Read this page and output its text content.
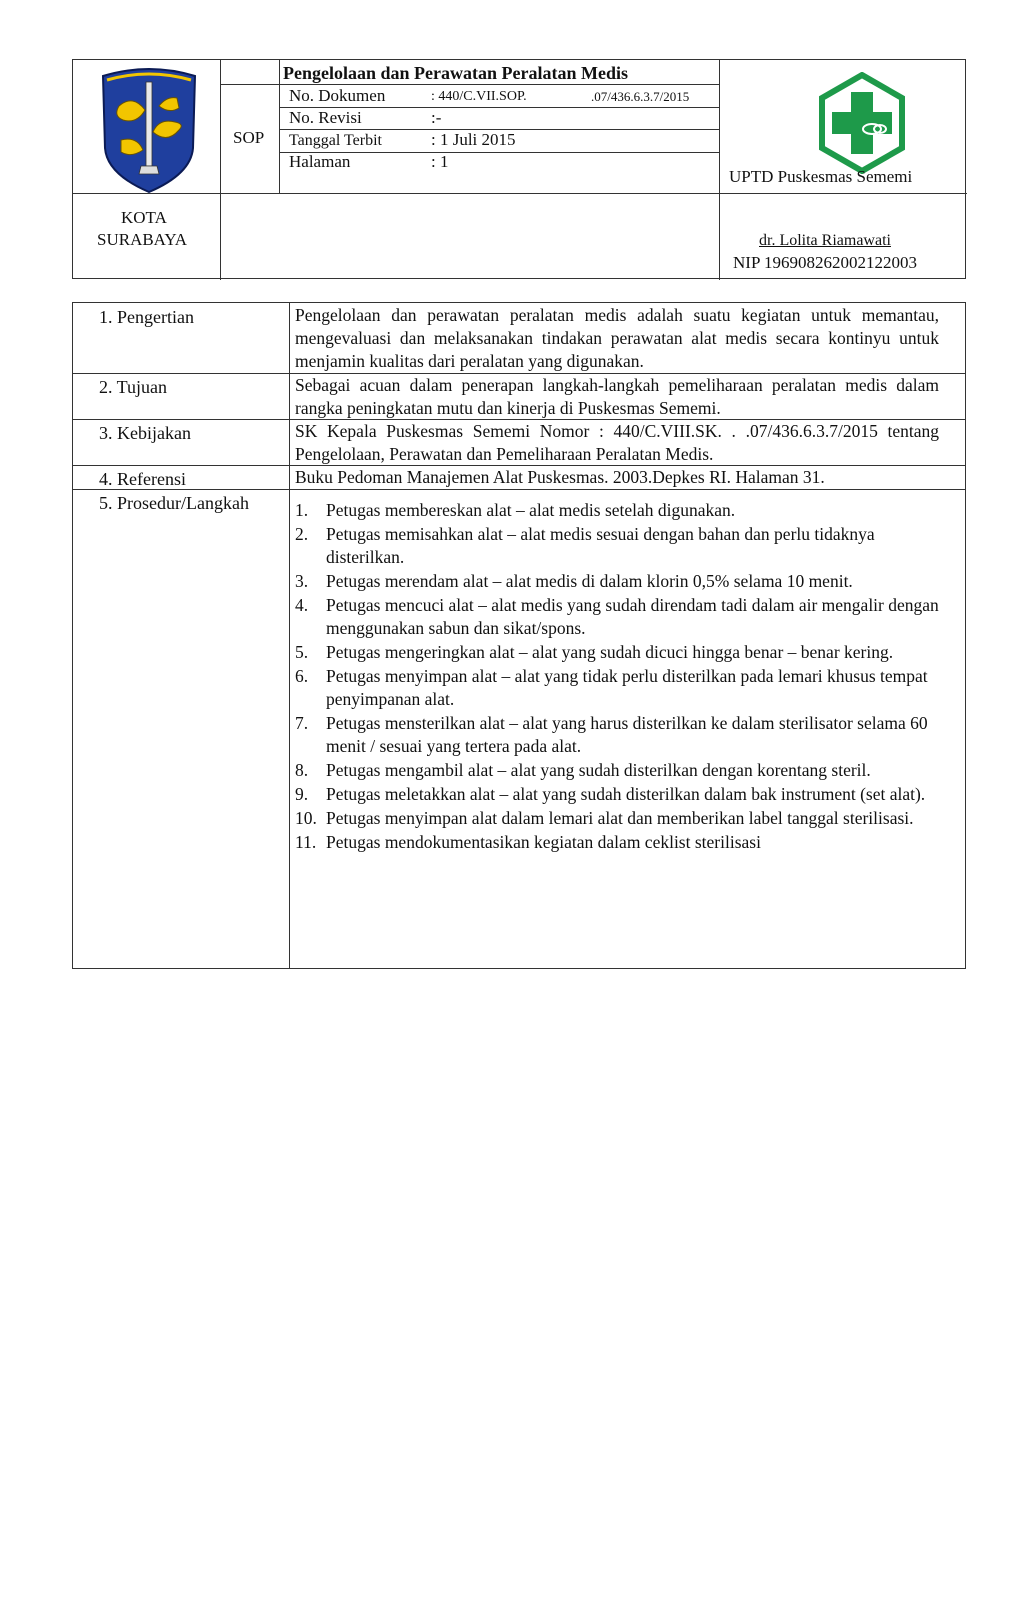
Pengelolaan dan Perawatan Peralatan Medis
SOP
No. Dokumen	: 440/C.VII.SOP.	.07/436.6.3.7/2015
No. Revisi	:-
Tanggal Terbit	: 1 Juli 2015
Halaman	: 1
UPTD Puskesmas Sememi
KOTA
SURABAYA	dr. Lolita Riamawati
NIP 196908262002122003
1. Pengertian	Pengelolaan dan perawatan peralatan medis adalah suatu kegiatan untuk memantau, mengevaluasi dan melaksanakan tindakan perawatan alat medis secara kontinyu untuk menjamin kualitas dari peralatan yang digunakan.
2. Tujuan	Sebagai acuan dalam penerapan langkah-langkah pemeliharaan peralatan medis dalam rangka peningkatan mutu dan kinerja di Puskesmas Sememi.
3. Kebijakan	SK Kepala Puskesmas Sememi Nomor : 440/C.VIII.SK. . .07/436.6.3.7/2015 tentang Pengelolaan, Perawatan dan Pemeliharaan Peralatan Medis.
4. Referensi	Buku Pedoman Manajemen Alat Puskesmas. 2003.Depkes RI. Halaman 31.
5. Prosedur/Langkah	1. Petugas membereskan alat – alat medis setelah digunakan.
2. Petugas memisahkan alat – alat medis sesuai dengan bahan dan perlu tidaknya disterilkan.
3. Petugas merendam alat – alat medis di dalam klorin 0,5% selama 10 menit.
4. Petugas mencuci alat – alat medis yang sudah direndam tadi dalam air mengalir dengan menggunakan sabun dan sikat/spons.
5. Petugas mengeringkan alat – alat yang sudah dicuci hingga benar – benar kering.
6. Petugas menyimpan alat – alat yang tidak perlu disterilkan pada lemari khusus tempat penyimpanan alat.
7. Petugas mensterilkan alat – alat yang harus disterilkan ke dalam sterilisator selama 60 menit / sesuai yang tertera pada alat.
8. Petugas mengambil alat – alat yang sudah disterilkan dengan korentang steril.
9. Petugas meletakkan alat – alat yang sudah disterilkan dalam bak instrument (set alat).
10. Petugas menyimpan alat dalam lemari alat dan memberikan label tanggal sterilisasi.
11. Petugas mendokumentasikan kegiatan dalam ceklist sterilisasi
